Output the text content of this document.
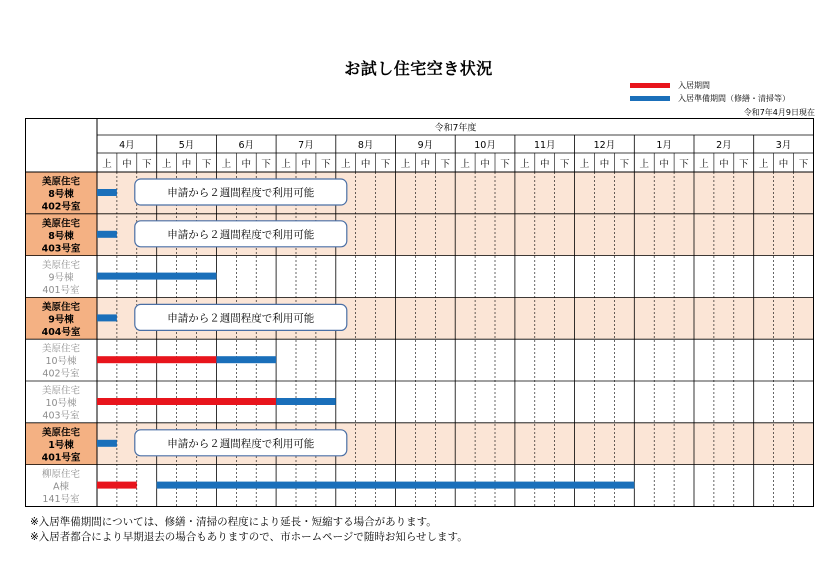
お試し住宅空き状況
入居期間
入居準備期間（修繕・清掃等）
令和7年4月9日現在
令和7年度
4月
上 中 下
5月
上 中 下
6月
上 中 下
7月
上 中 下
8月
上 中 下
9月
上 中 下
10月
上 中 下
11月
上 中 下
12月
上 中 下
1月
上 中 下
2月
上 中 下
3月
上 中 下
美原住宅
8号棟
402号室
申請から２週間程度で利用可能
美原住宅
8号棟
403号室
申請から２週間程度で利用可能
美原住宅
9号棟
401号室
美原住宅
9号棟
404号室
申請から２週間程度で利用可能
美原住宅
10号棟
402号室
美原住宅
10号棟
403号室
美原住宅
1号棟
401号室
申請から２週間程度で利用可能
柳原住宅
A棟
141号室
※入居準備期間については、修繕・清掃の程度により延長・短縮する場合があります。
※入居者都合により早期退去の場合もありますので、市ホームページで随時お知らせします。
